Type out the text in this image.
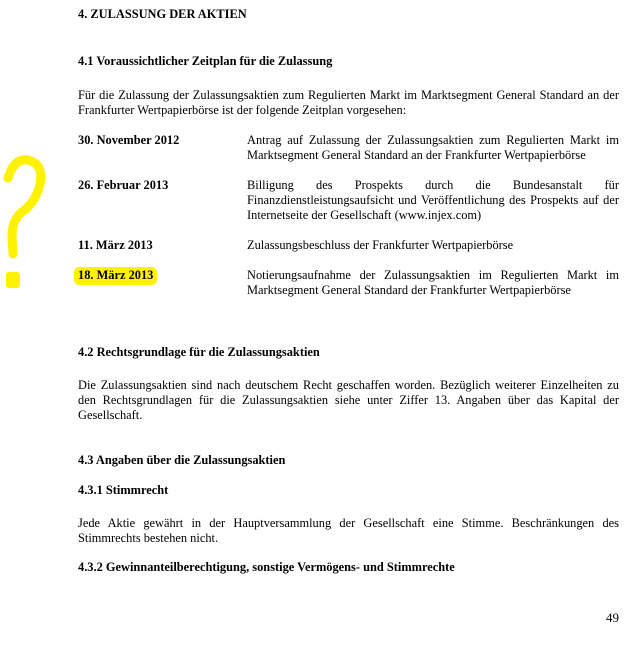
4. ZULASSUNG DER AKTIEN
4.1 Voraussichtlicher Zeitplan für die Zulassung
Für die Zulassung der Zulassungsaktien zum Regulierten Markt im Marktsegment General Standard an der Frankfurter Wertpapierbörse ist der folgende Zeitplan vorgesehen:
30. November 2012	Antrag auf Zulassung der Zulassungsaktien zum Regulierten Markt im Marktsegment General Standard an der Frankfurter Wertpapierbörse
26. Februar 2013	Billigung des Prospekts durch die Bundesanstalt für Finanzdienstleistungsaufsicht und Veröffentlichung des Prospekts auf der Internetseite der Gesellschaft (www.injex.com)
11. März 2013	Zulassungsbeschluss der Frankfurter Wertpapierbörse
18. März 2013	Notierungsaufnahme der Zulassungsaktien im Regulierten Markt im Marktsegment General Standard der Frankfurter Wertpapierbörse
4.2 Rechtsgrundlage für die Zulassungsaktien
Die Zulassungsaktien sind nach deutschem Recht geschaffen worden. Bezüglich weiterer Einzelheiten zu den Rechtsgrundlagen für die Zulassungsaktien siehe unter Ziffer 13. Angaben über das Kapital der Gesellschaft.
4.3 Angaben über die Zulassungsaktien
4.3.1 Stimmrecht
Jede Aktie gewährt in der Hauptversammlung der Gesellschaft eine Stimme. Beschränkungen des Stimmrechts bestehen nicht.
4.3.2 Gewinnanteilberechtigung, sonstige Vermögens- und Stimmrechte
49
